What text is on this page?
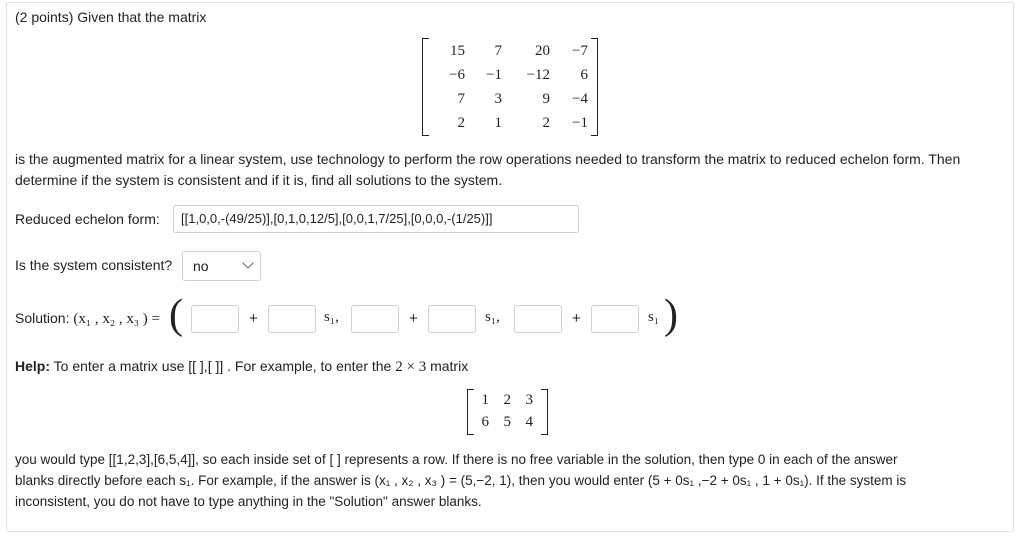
(2 points) Given that the matrix
15	7	20	−7
−6	−1	−12	6
7	3	9	−4
2	1	2	−1

is the augmented matrix for a linear system, use technology to perform the row operations needed to transform the matrix to reduced echelon form. Then
determine if the system is consistent and if it is, find all solutions to the system.

Reduced echelon form:	[[1,0,0,-(49/25)],[0,1,0,12/5],[0,0,1,7/25],[0,0,0,-(1/25)]]
Is the system consistent?	no
Solution: (x₁ , x₂ , x₃ ) = (	+	s₁,	+	s₁,	+	s₁ )
Help: To enter a matrix use [[ ],[ ]] . For example, to enter the 2 × 3 matrix
1	2	3
6	5	4

you would type [[1,2,3],[6,5,4]], so each inside set of [ ] represents a row. If there is no free variable in the solution, then type 0 in each of the answer
blanks directly before each s₁. For example, if the answer is (x₁ , x₂ , x₃ ) = (5,−2, 1), then you would enter (5 + 0s₁ ,−2 + 0s₁ , 1 + 0s₁). If the system is
inconsistent, you do not have to type anything in the "Solution" answer blanks.
